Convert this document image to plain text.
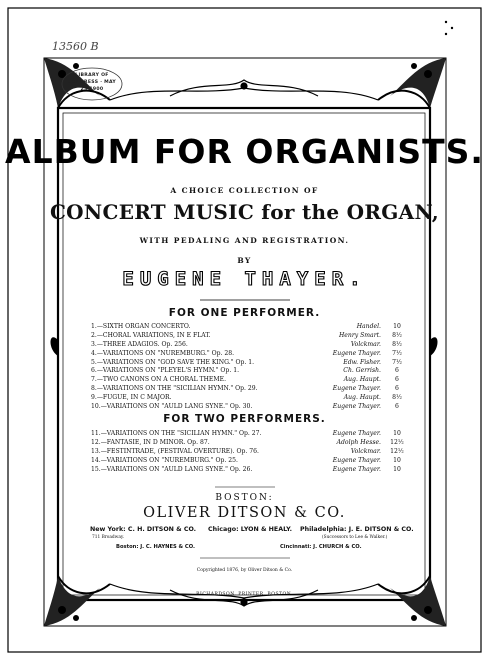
13560 B
LIBRARY OF CONGRESS · MAY 23 1900
ALBUM FOR ORGANISTS.
A CHOICE COLLECTION OF
CONCERT MUSIC for the ORGAN,
WITH PEDALING AND REGISTRATION.
BY
EUGENE THAYER.
FOR ONE PERFORMER.
1.—SIXTH ORGAN CONCERTO.	Handel.	10
2.—CHORAL VARIATIONS, IN E FLAT.	Henry Smart.	8½
3.—THREE ADAGIOS. Op. 256.	Volckmar.	8½
4.—VARIATIONS ON "NUREMBURG." Op. 28.	Eugene Thayer.	7½
5.—VARIATIONS ON "GOD SAVE THE KING." Op. 1.	Edw. Fisher.	7½
6.—VARIATIONS ON "PLEYEL'S HYMN." Op. 1.	Ch. Gerrish.	6
7.—TWO CANONS ON A CHORAL THEME.	Aug. Haupt.	6
8.—VARIATIONS ON THE "SICILIAN HYMN." Op. 29.	Eugene Thayer.	6
9.—FUGUE, IN C MAJOR.	Aug. Haupt.	8½
10.—VARIATIONS ON "AULD LANG SYNE." Op. 30.	Eugene Thayer.	6
FOR TWO PERFORMERS.
11.—VARIATIONS ON THE "SICILIAN HYMN." Op. 27.	Eugene Thayer.	10
12.—FANTASIE, IN D MINOR. Op. 87.	Adolph Hesse.	12½
13.—FESTINTRADE, (FESTIVAL OVERTURE). Op. 76.	Volckmar.	12½
14.—VARIATIONS ON "NUREMBURG." Op. 25.	Eugene Thayer.	10
15.—VARIATIONS ON "AULD LANG SYNE." Op. 26.	Eugene Thayer.	10
BOSTON:
OLIVER DITSON & CO.
New York: C. H. DITSON & CO.
711 Broadway.
Chicago: LYON & HEALY. Philadelphia: J. E. DITSON & CO.
(Successors to Lee & Walker.)
Boston: J. C. HAYNES & CO.	Cincinnati: J. CHURCH & CO.
Copyrighted 1876, by Oliver Ditson & Co.
RICHARDSON, PRINTER, BOSTON.
